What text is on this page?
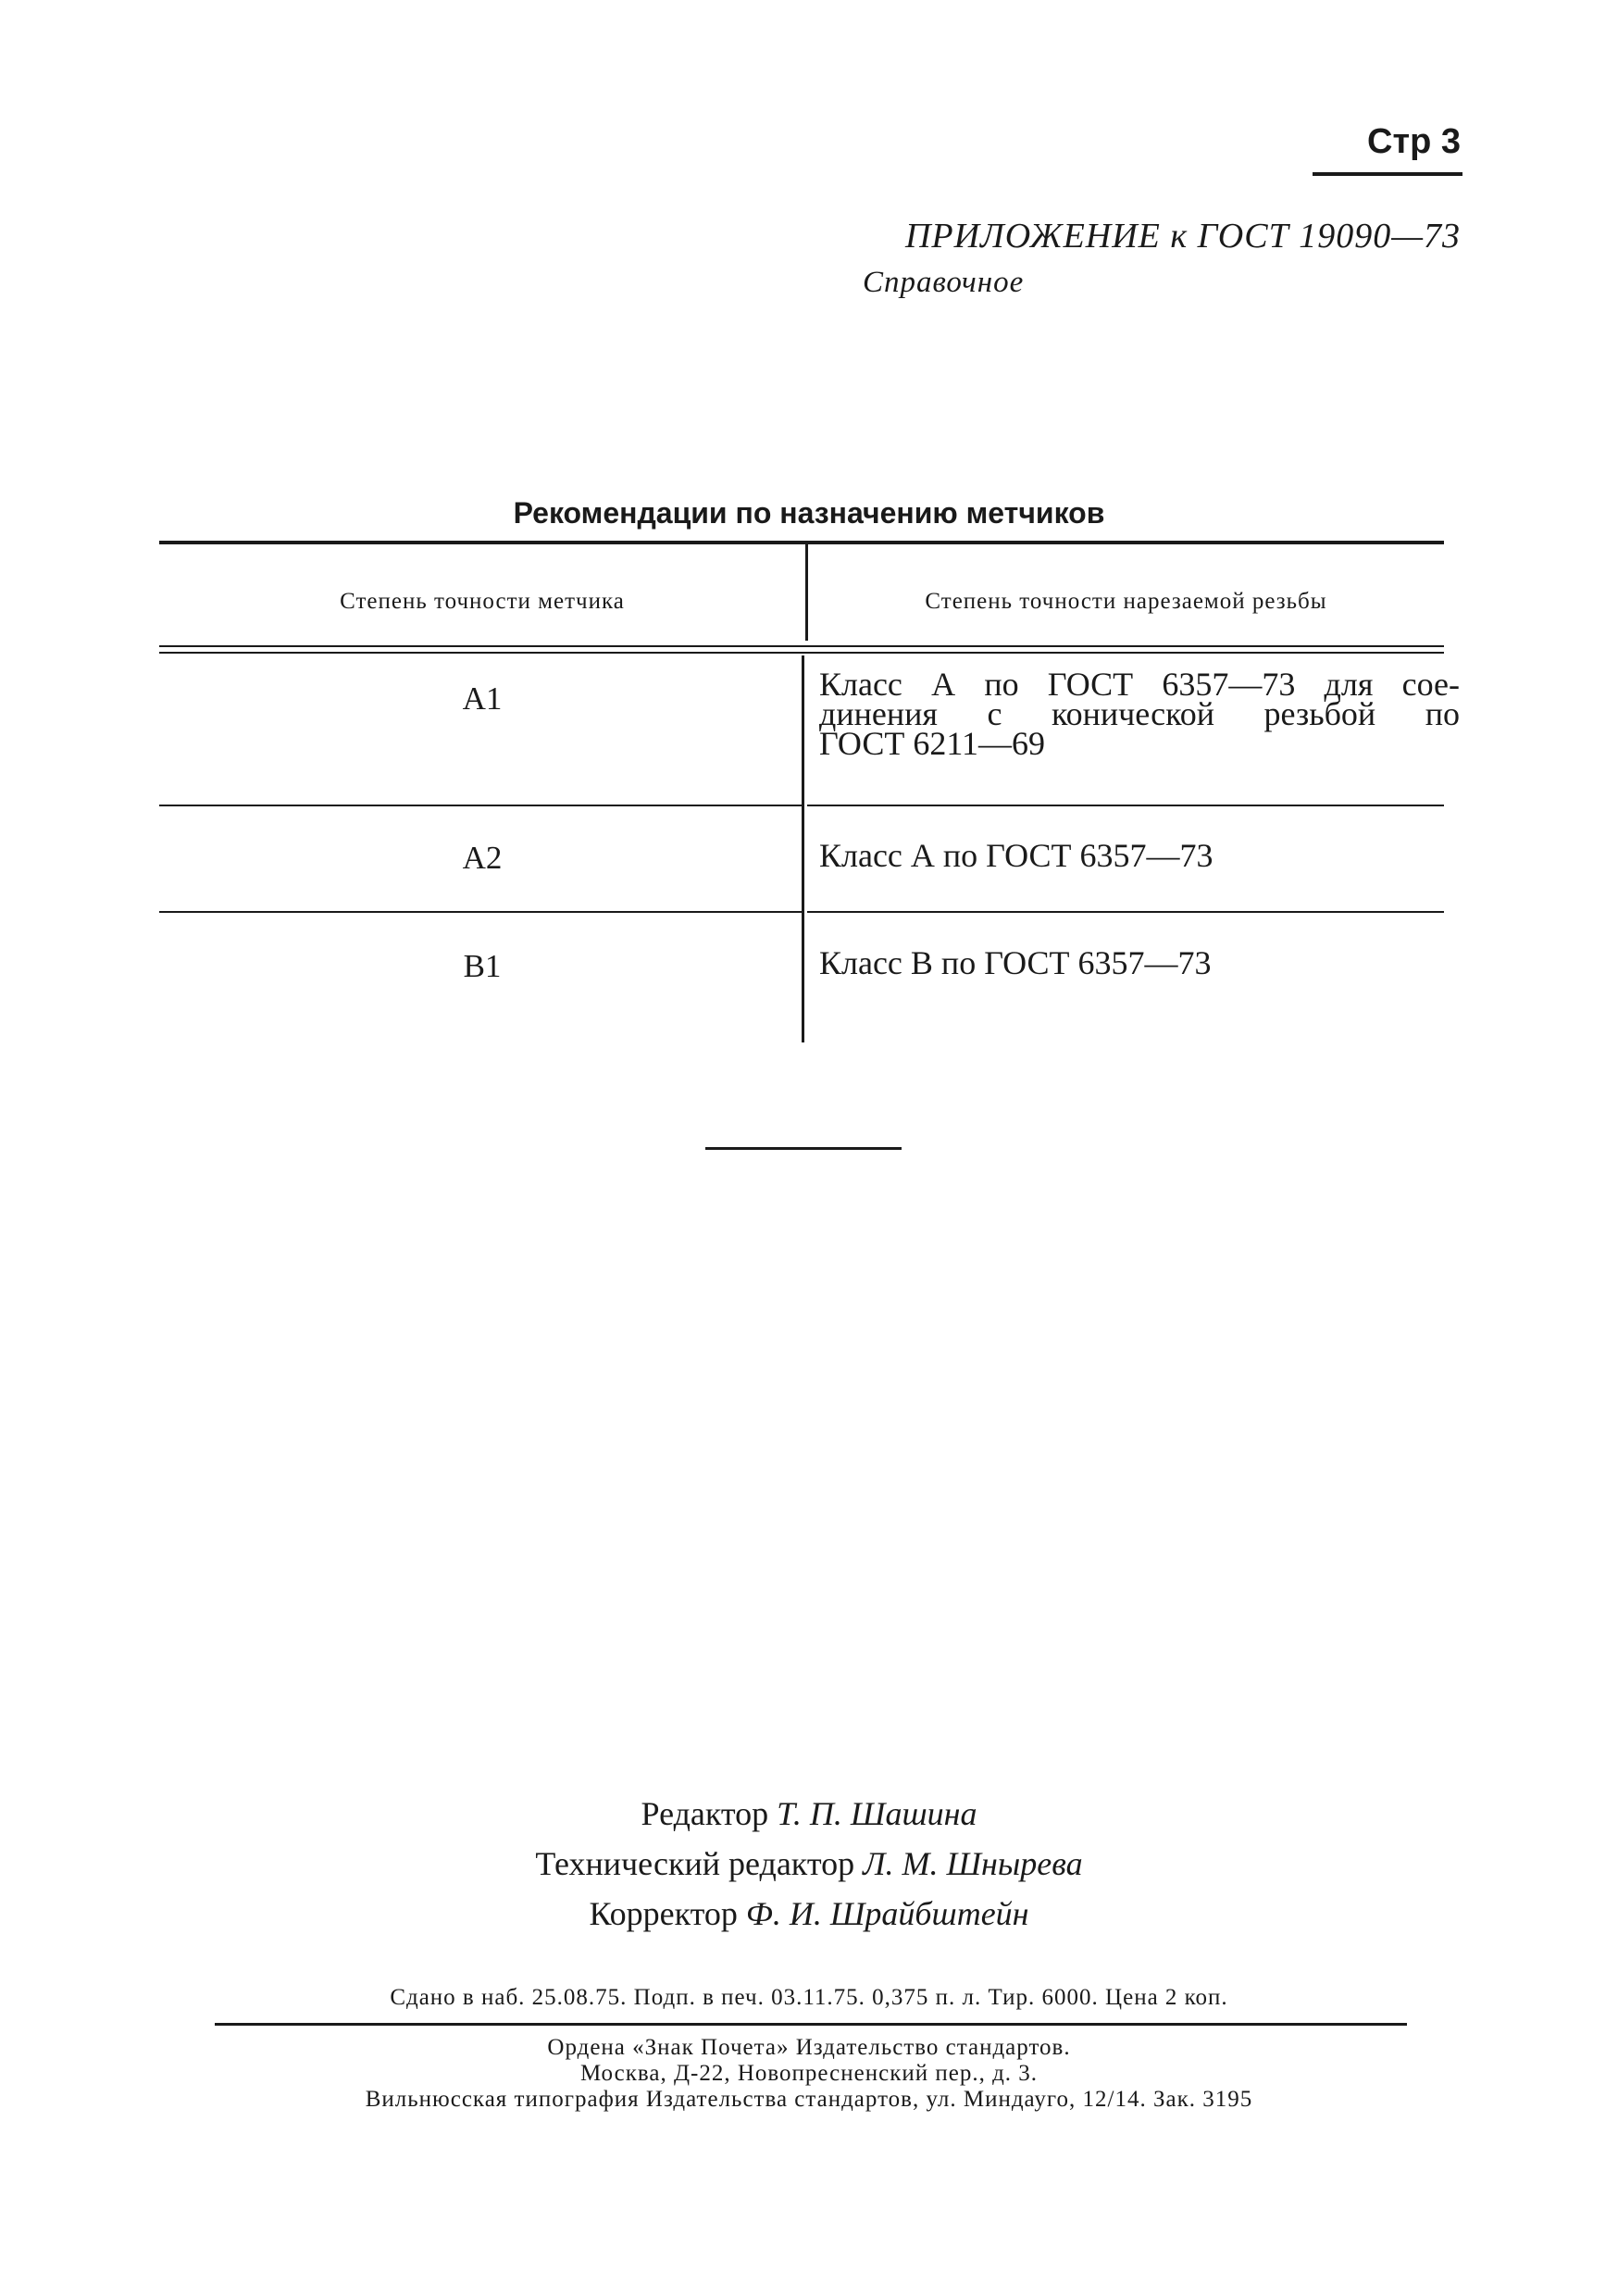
Стр 3
ПРИЛОЖЕНИЕ к ГОСТ 19090—73
Справочное
Рекомендации по назначению метчиков
Степень точности метчика	Степень точности нарезаемой резьбы
A1	Класс А по ГОСТ 6357—73 для сое-
динения с конической резьбой по
ГОСТ 6211—69
A2	Класс А по ГОСТ 6357—73
B1	Класс В по ГОСТ 6357—73
Редактор Т. П. Шашина
Технический редактор Л. М. Шнырева
Корректор Ф. И. Шрайбштейн
Сдано в наб. 25.08.75. Подп. в печ. 03.11.75. 0,375 п. л. Тир. 6000. Цена 2 коп.
Ордена «Знак Почета» Издательство стандартов.
Москва, Д-22, Новопресненский пер., д. 3.
Вильнюсская типография Издательства стандартов, ул. Миндауго, 12/14. Зак. 3195
